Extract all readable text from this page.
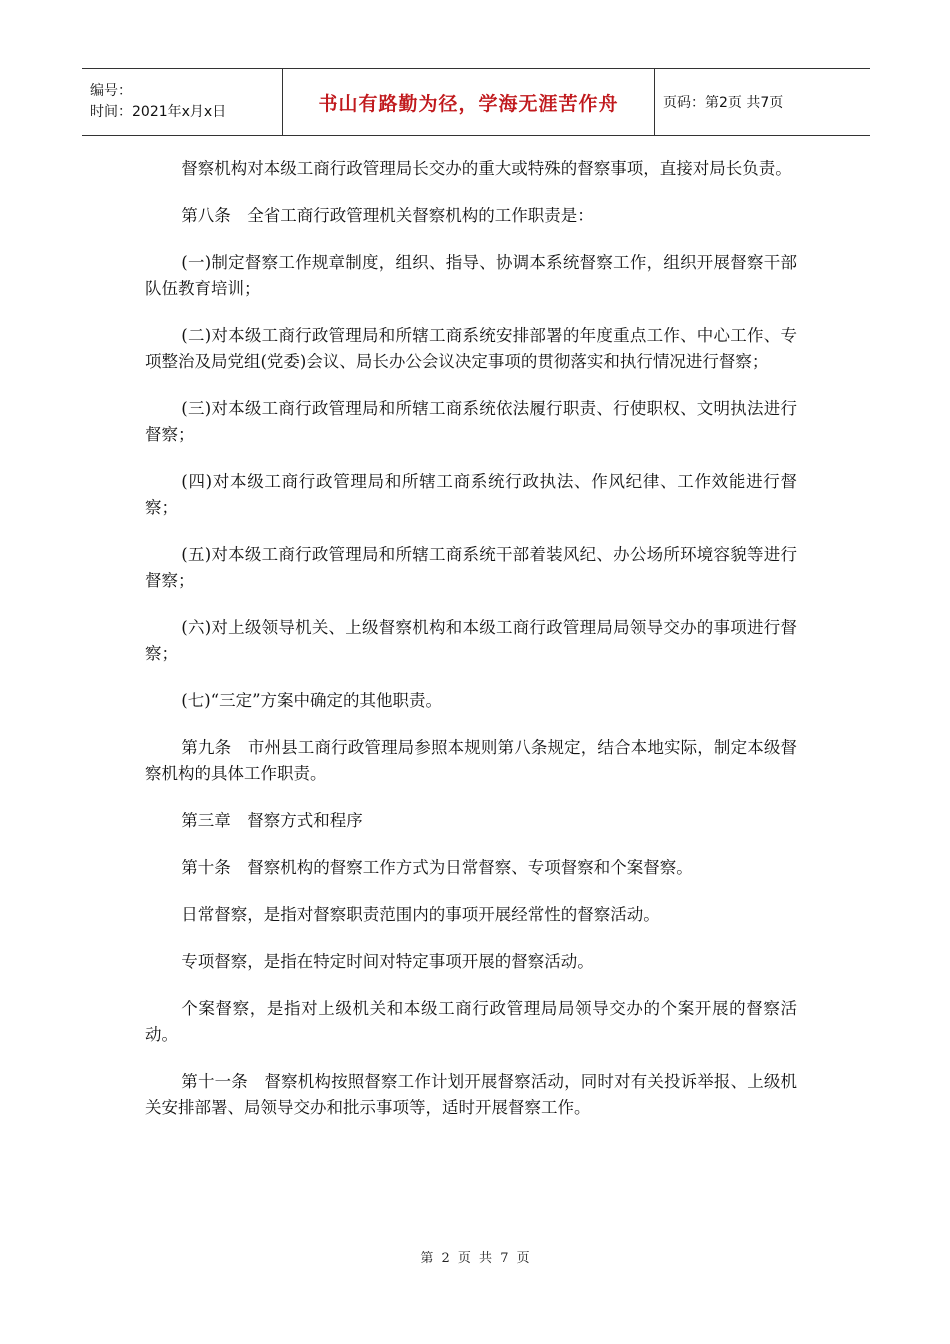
编号：
时间：2021年x月x日	书山有路勤为径，学海无涯苦作舟	页码：第2页 共7页

督察机构对本级工商行政管理局长交办的重大或特殊的督察事项，直接对局长负责。

第八条　全省工商行政管理机关督察机构的工作职责是：

(一)制定督察工作规章制度，组织、指导、协调本系统督察工作，组织开展督察干部队伍教育培训；

(二)对本级工商行政管理局和所辖工商系统安排部署的年度重点工作、中心工作、专项整治及局党组(党委)会议、局长办公会议决定事项的贯彻落实和执行情况进行督察；

(三)对本级工商行政管理局和所辖工商系统依法履行职责、行使职权、文明执法进行督察；

(四)对本级工商行政管理局和所辖工商系统行政执法、作风纪律、工作效能进行督察；

(五)对本级工商行政管理局和所辖工商系统干部着装风纪、办公场所环境容貌等进行督察；

(六)对上级领导机关、上级督察机构和本级工商行政管理局局领导交办的事项进行督察；

(七)“三定”方案中确定的其他职责。

第九条　市州县工商行政管理局参照本规则第八条规定，结合本地实际，制定本级督察机构的具体工作职责。

第三章　督察方式和程序

第十条　督察机构的督察工作方式为日常督察、专项督察和个案督察。

日常督察，是指对督察职责范围内的事项开展经常性的督察活动。

专项督察，是指在特定时间对特定事项开展的督察活动。

个案督察，是指对上级机关和本级工商行政管理局局领导交办的个案开展的督察活动。

第十一条　督察机构按照督察工作计划开展督察活动，同时对有关投诉举报、上级机关安排部署、局领导交办和批示事项等，适时开展督察工作。

第 2 页 共 7 页
